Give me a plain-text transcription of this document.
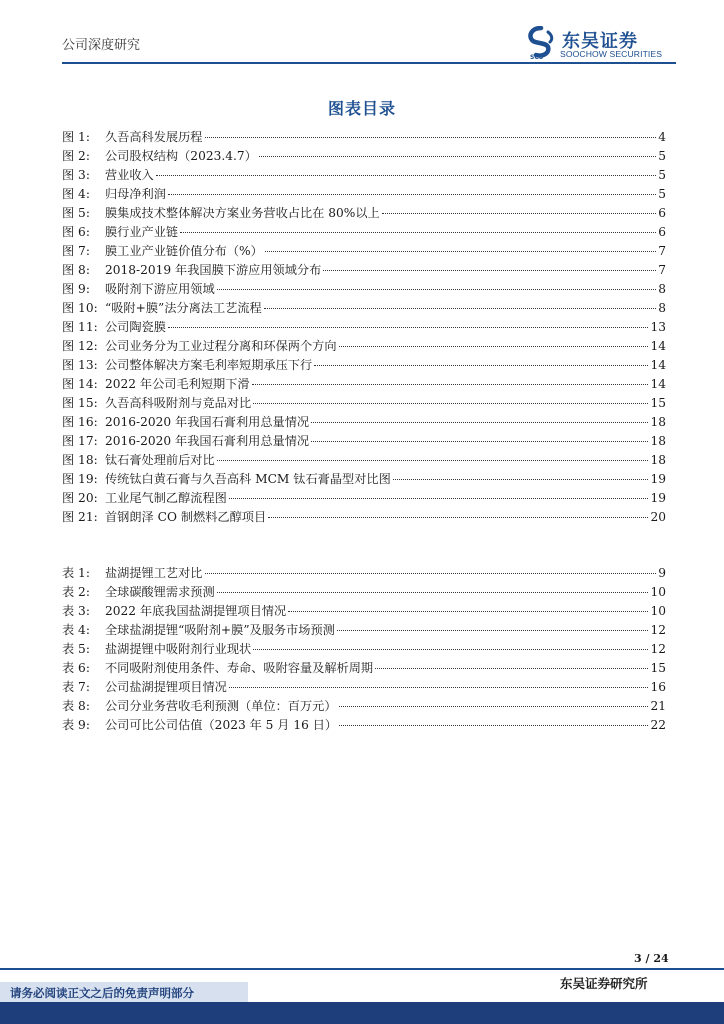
公司深度研究
SCS
东吴证券
SOOCHOW SECURITIES
图表目录
图 1:	久吾高科发展历程	4
图 2:	公司股权结构（2023.4.7）	5
图 3:	营业收入	5
图 4:	归母净利润	5
图 5:	膜集成技术整体解决方案业务营收占比在 80%以上	6
图 6:	膜行业产业链	6
图 7:	膜工业产业链价值分布（%）	7
图 8:	2018-2019 年我国膜下游应用领域分布	7
图 9:	吸附剂下游应用领域	8
图 10: “吸附+膜”法分离法工艺流程	8
图 11: 公司陶瓷膜	13
图 12: 公司业务分为工业过程分离和环保两个方向	14
图 13: 公司整体解决方案毛利率短期承压下行	14
图 14: 2022 年公司毛利短期下滑	14
图 15: 久吾高科吸附剂与竞品对比	15
图 16: 2016-2020 年我国石膏利用总量情况	18
图 17: 2016-2020 年我国石膏利用总量情况	18
图 18: 钛石膏处理前后对比	18
图 19: 传统钛白黄石膏与久吾高科 MCM 钛石膏晶型对比图	19
图 20: 工业尾气制乙醇流程图	19
图 21: 首钢朗泽 CO 制燃料乙醇项目	20
表 1:	盐湖提锂工艺对比	9
表 2:	全球碳酸锂需求预测	10
表 3:	2022 年底我国盐湖提锂项目情况	10
表 4:	全球盐湖提锂“吸附剂+膜”及服务市场预测	12
表 5:	盐湖提锂中吸附剂行业现状	12
表 6:	不同吸附剂使用条件、寿命、吸附容量及解析周期	15
表 7:	公司盐湖提锂项目情况	16
表 8:	公司分业务营收毛利预测（单位：百万元）	21
表 9:	公司可比公司估值（2023 年 5 月 16 日）	22
3 / 24
东吴证券研究所
请务必阅读正文之后的免责声明部分
